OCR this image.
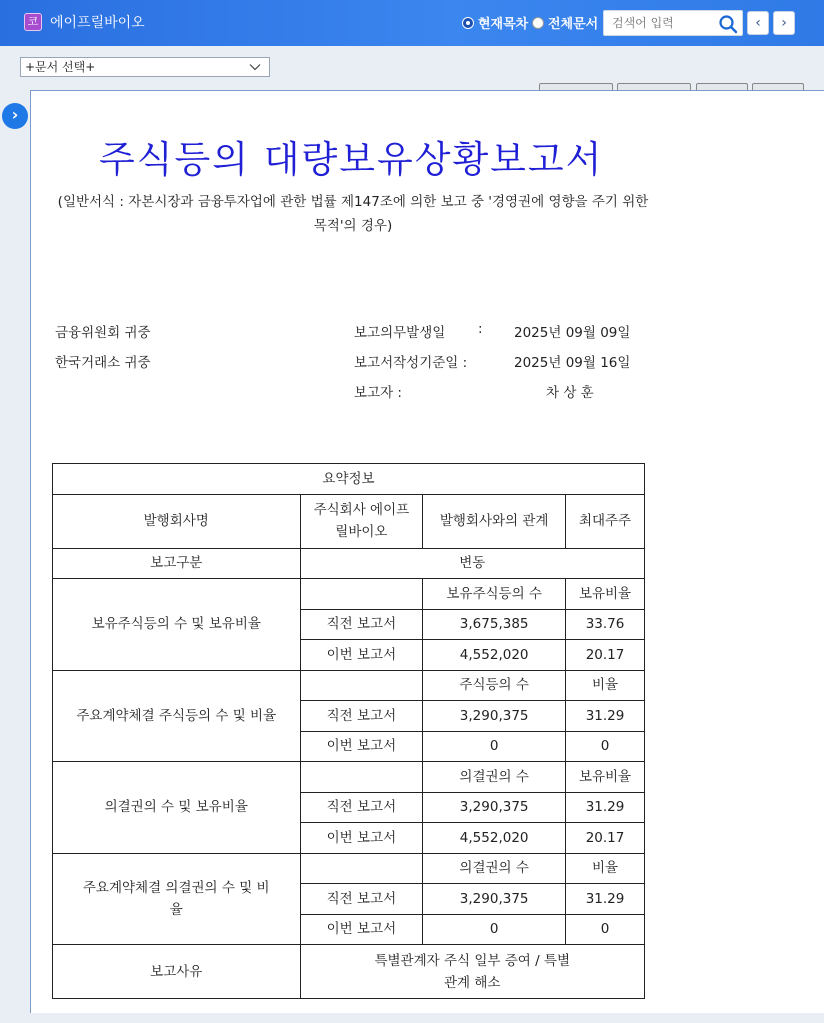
코 에이프릴바이오	현재목차 전체문서
검색어 입력	‹	›
+문서 선택+
주식등의 대량보유상황보고서
(일반서식 : 자본시장과 금융투자업에 관한 법률 제147조에 의한 보고 중 '경영권에 영향을 주기 위한 목적'의 경우)
금융위원회 귀중
한국거래소 귀중
보고의무발생일 : 2025년 09월 09일
보고서작성기준일 :	2025년 09월 16일
보고자 :	차 상 훈
요약정보			
발행회사명	주식회사 에이프릴바이오	발행회사와의 관계	최대주주
보고구분	변동		
보유주식등의 수 및 보유비율		보유주식등의 수	보유비율
	직전 보고서	3,675,385	33.76
	이번 보고서	4,552,020	20.17
주요계약체결 주식등의 수 및 비율		주식등의 수	비율
	직전 보고서	3,290,375	31.29
	이번 보고서	0	0
의결권의 수 및 보유비율		의결권의 수	보유비율
	직전 보고서	3,290,375	31.29
	이번 보고서	4,552,020	20.17
주요계약체결 의결권의 수 및 비율		의결권의 수	비율
	직전 보고서	3,290,375	31.29
	이번 보고서	0	0
보고사유	특별관계자 주식 일부 증여 / 특별관계 해소		
›
